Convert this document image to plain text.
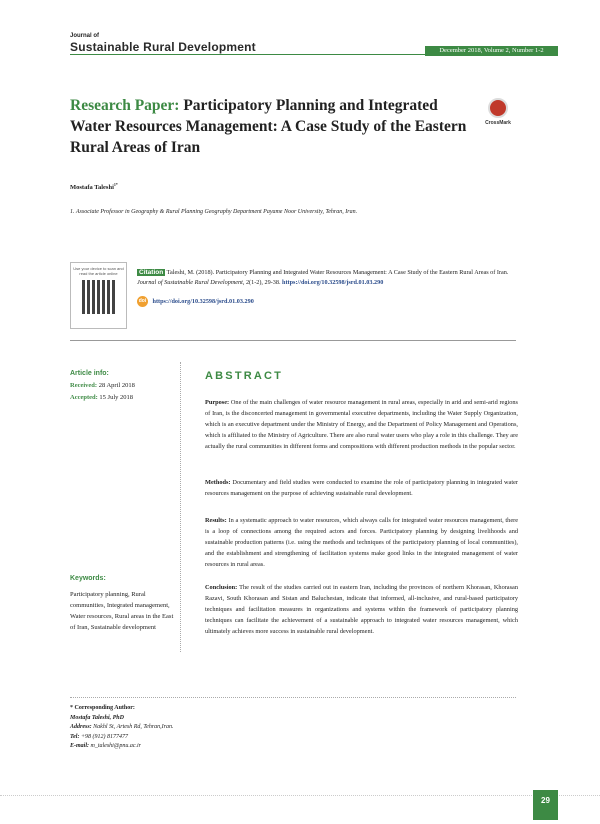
Journal of
Sustainable Rural Development	December 2018, Volume 2, Number 1-2
Research Paper: Participatory Planning and Integrated Water Resources Management: A Case Study of the Eastern Rural Areas of Iran
CrossMark
Mostafa Taleshi$^{1*}$
1. Associate Professor in Geography & Rural Planning Geography Department Payame Noor University, Tehran, Iran.
Use your device to scan and read the article online	Citation Taleshi, M. (2018). Participatory Planning and Integrated Water Resources Management: A Case Study of the Eastern Rural Areas of Iran. Journal of Sustainable Rural Development, 2(1-2), 29-38. https://doi.org/10.32598/jsrd.01.03.290
doi https://doi.org/10.32598/jsrd.01.03.290
Article info:
Received: 28 April 2018
Accepted: 15 July 2018
Keywords:
Participatory planning, Rural communities, Integrated management, Water resources, Rural areas in the East of Iran, Sustainable development
ABSTRACT
Purpose: One of the main challenges of water resource management in rural areas, especially in arid and semi-arid regions of Iran, is the disconcerted management in governmental executive departments, including the Water Supply Organization, which is an executive department under the Ministry of Energy, and the Department of Policy Management and Operations, which is affiliated to the Ministry of Agriculture. There are also rural water users who play a role in this challenge. They are actually the rural communities in different forms and compositions with different production methods in the popular sector.
Methods: Documentary and field studies were conducted to examine the role of participatory planning in integrated water resources management on the purpose of achieving sustainable rural development.
Results: In a systematic approach to water resources, which always calls for integrated water resources management, there is a loop of connections among the required actors and forces. Participatory planning by designing livelihoods and sustainable production patterns (i.e. using the methods and techniques of the participatory planning of local communities), and the establishment and strengthening of facilitation systems make good links in the integrated management of water resources in rural areas.
Conclusion: The result of the studies carried out in eastern Iran, including the provinces of northern Khorasan, Khorasan Razavi, South Khorasan and Sistan and Baluchestan, indicate that informed, all-inclusive, and rural-based participatory techniques and facilitation measures in organizations and systems within the framework of participatory planning techniques can facilitate the achievement of a sustainable approach to integrated water resources management, which ultimately achieves more success in sustainable rural development.
* Corresponding Author:
Mostafa Taleshi, PhD
Address: Nakhl St, Artesh Rd, Tehran,Iran.
Tel: +98 (912) 8177477
E-mail: m_taleshi@pnu.ac.ir
29
